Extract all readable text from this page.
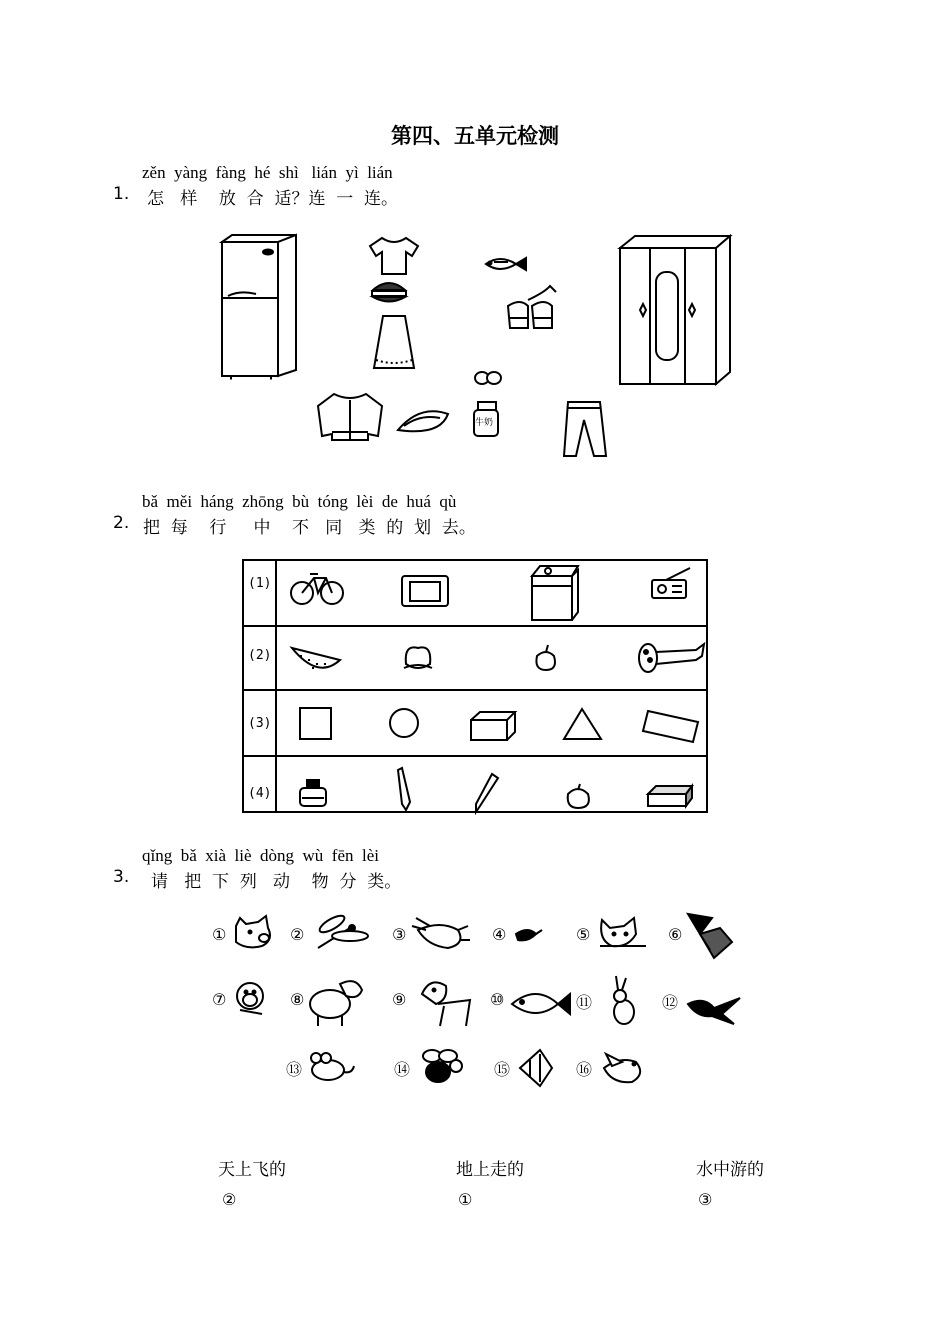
第四、五单元检测
zěn  yàng  fàng  hé  shì   lián  yì  lián
1. 怎   样    放  合  适？连  一  连。
牛奶
bǎ  měi  háng  zhōng  bù  tóng  lèi  de  huá  qù
2. 把  每    行     中    不   同   类  的  划  去。
(1)
(2)
(3)
(4)
qǐng  bǎ  xià  liè  dòng  wù  fēn  lèi
3. 请   把  下  列   动    物  分  类。
①	②	③	④	⑤	⑥
⑦	⑧	⑨	⑩	⑪	⑫
⑬	⑭	⑮	⑯
天上飞的
②
地上走的
①
水中游的
③
